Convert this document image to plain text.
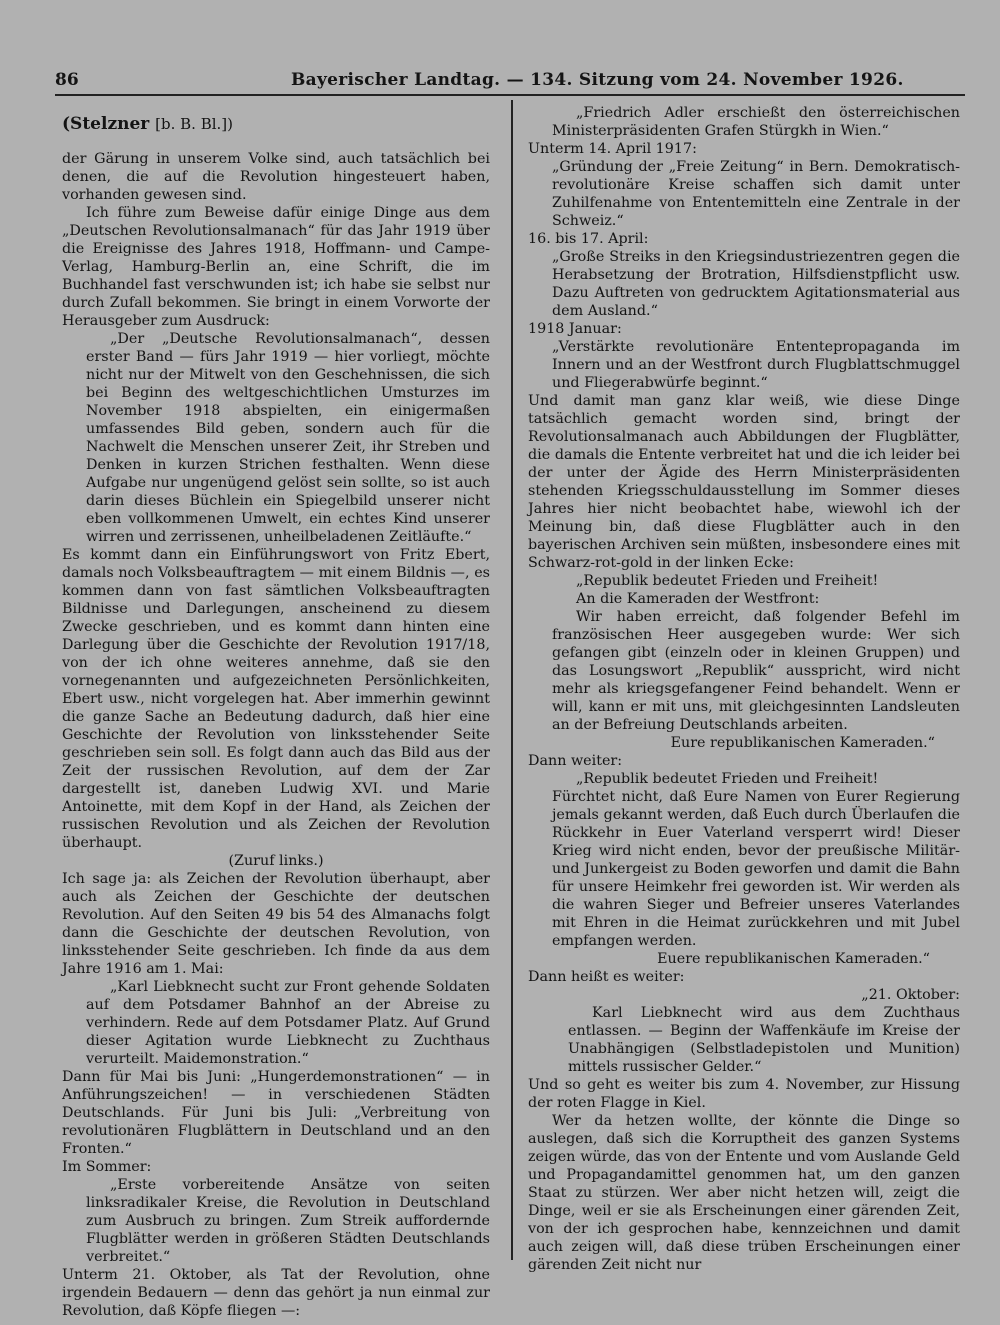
86	Bayerischer Landtag. — 134. Sitzung vom 24. November 1926.
(Stelzner [b. B. Bl.])

der Gärung in unserem Volke sind, auch tatsächlich bei denen, die auf die Revolution hingesteuert haben, vorhanden gewesen sind.

Ich führe zum Beweise dafür einige Dinge aus dem „Deutschen Revolutionsalmanach“ für das Jahr 1919 über die Ereignisse des Jahres 1918, Hoffmann- und Campe-Verlag, Hamburg-Berlin an, eine Schrift, die im Buchhandel fast verschwunden ist; ich habe sie selbst nur durch Zufall bekommen. Sie bringt in einem Vorworte der Herausgeber zum Ausdruck:

„Der „Deutsche Revolutionsalmanach“, dessen erster Band — fürs Jahr 1919 — hier vorliegt, möchte nicht nur der Mitwelt von den Geschehnissen, die sich bei Beginn des weltgeschichtlichen Umsturzes im November 1918 abspielten, ein einigermaßen umfassendes Bild geben, sondern auch für die Nachwelt die Menschen unserer Zeit, ihr Streben und Denken in kurzen Strichen festhalten. Wenn diese Aufgabe nur ungenügend gelöst sein sollte, so ist auch darin dieses Büchlein ein Spiegelbild unserer nicht eben vollkommenen Umwelt, ein echtes Kind unserer wirren und zerrissenen, unheilbeladenen Zeitläufte.“

Es kommt dann ein Einführungswort von Fritz Ebert, damals noch Volksbeauftragtem — mit einem Bildnis —, es kommen dann von fast sämtlichen Volksbeauftragten Bildnisse und Darlegungen, anscheinend zu diesem Zwecke geschrieben, und es kommt dann hinten eine Darlegung über die Geschichte der Revolution 1917/18, von der ich ohne weiteres annehme, daß sie den vornegenannten und aufgezeichneten Persönlichkeiten, Ebert usw., nicht vorgelegen hat. Aber immerhin gewinnt die ganze Sache an Bedeutung dadurch, daß hier eine Geschichte der Revolution von linksstehender Seite geschrieben sein soll. Es folgt dann auch das Bild aus der Zeit der russischen Revolution, auf dem der Zar dargestellt ist, daneben Ludwig XVI. und Marie Antoinette, mit dem Kopf in der Hand, als Zeichen der russischen Revolution und als Zeichen der Revolution überhaupt.

(Zuruf links.)

Ich sage ja: als Zeichen der Revolution überhaupt, aber auch als Zeichen der Geschichte der deutschen Revolution. Auf den Seiten 49 bis 54 des Almanachs folgt dann die Geschichte der deutschen Revolution, von linksstehender Seite geschrieben. Ich finde da aus dem Jahre 1916 am 1. Mai:

„Karl Liebknecht sucht zur Front gehende Soldaten auf dem Potsdamer Bahnhof an der Abreise zu verhindern. Rede auf dem Potsdamer Platz. Auf Grund dieser Agitation wurde Liebknecht zu Zuchthaus verurteilt. Maidemonstration.“

Dann für Mai bis Juni: „Hungerdemonstrationen“ — in Anführungszeichen! — in verschiedenen Städten Deutschlands. Für Juni bis Juli: „Verbreitung von revolutionären Flugblättern in Deutschland und an den Fronten.“

Im Sommer:

„Erste vorbereitende Ansätze von seiten linksradikaler Kreise, die Revolution in Deutschland zum Ausbruch zu bringen. Zum Streik auffordernde Flugblätter werden in größeren Städten Deutschlands verbreitet.“

Unterm 21. Oktober, als Tat der Revolution, ohne irgendein Bedauern — denn das gehört ja nun einmal zur Revolution, daß Köpfe fliegen —:

„Friedrich Adler erschießt den österreichischen Ministerpräsidenten Grafen Stürgkh in Wien.“

Unterm 14. April 1917:

„Gründung der „Freie Zeitung“ in Bern. Demokratisch-revolutionäre Kreise schaffen sich damit unter Zuhilfenahme von Ententemitteln eine Zentrale in der Schweiz.“

16. bis 17. April:

„Große Streiks in den Kriegsindustriezentren gegen die Herabsetzung der Brotration, Hilfsdienstpflicht usw. Dazu Auftreten von gedrucktem Agitationsmaterial aus dem Ausland.“

1918 Januar:

„Verstärkte revolutionäre Ententepropaganda im Innern und an der Westfront durch Flugblattschmuggel und Fliegerabwürfe beginnt.“

Und damit man ganz klar weiß, wie diese Dinge tatsächlich gemacht worden sind, bringt der Revolutionsalmanach auch Abbildungen der Flugblätter, die damals die Entente verbreitet hat und die ich leider bei der unter der Ägide des Herrn Ministerpräsidenten stehenden Kriegsschuldausstellung im Sommer dieses Jahres hier nicht beobachtet habe, wiewohl ich der Meinung bin, daß diese Flugblätter auch in den bayerischen Archiven sein müßten, insbesondere eines mit Schwarz-rot-gold in der linken Ecke:

„Republik bedeutet Frieden und Freiheit!

An die Kameraden der Westfront:

Wir haben erreicht, daß folgender Befehl im französischen Heer ausgegeben wurde: Wer sich gefangen gibt (einzeln oder in kleinen Gruppen) und das Losungswort „Republik“ ausspricht, wird nicht mehr als kriegsgefangener Feind behandelt. Wenn er will, kann er mit uns, mit gleichgesinnten Landsleuten an der Befreiung Deutschlands arbeiten.

Eure republikanischen Kameraden.“

Dann weiter:

„Republik bedeutet Frieden und Freiheit!

Fürchtet nicht, daß Eure Namen von Eurer Regierung jemals gekannt werden, daß Euch durch Überlaufen die Rückkehr in Euer Vaterland versperrt wird! Dieser Krieg wird nicht enden, bevor der preußische Militär- und Junkergeist zu Boden geworfen und damit die Bahn für unsere Heimkehr frei geworden ist. Wir werden als die wahren Sieger und Befreier unseres Vaterlandes mit Ehren in die Heimat zurückkehren und mit Jubel empfangen werden.

Euere republikanischen Kameraden.“

Dann heißt es weiter:

„21. Oktober:

Karl Liebknecht wird aus dem Zuchthaus entlassen. — Beginn der Waffenkäufe im Kreise der Unabhängigen (Selbstladepistolen und Munition) mittels russischer Gelder.“

Und so geht es weiter bis zum 4. November, zur Hissung der roten Flagge in Kiel.

Wer da hetzen wollte, der könnte die Dinge so auslegen, daß sich die Korruptheit des ganzen Systems zeigen würde, das von der Entente und vom Auslande Geld und Propagandamittel genommen hat, um den ganzen Staat zu stürzen. Wer aber nicht hetzen will, zeigt die Dinge, weil er sie als Erscheinungen einer gärenden Zeit, von der ich gesprochen habe, kennzeichnen und damit auch zeigen will, daß diese trüben Erscheinungen einer gärenden Zeit nicht nur
